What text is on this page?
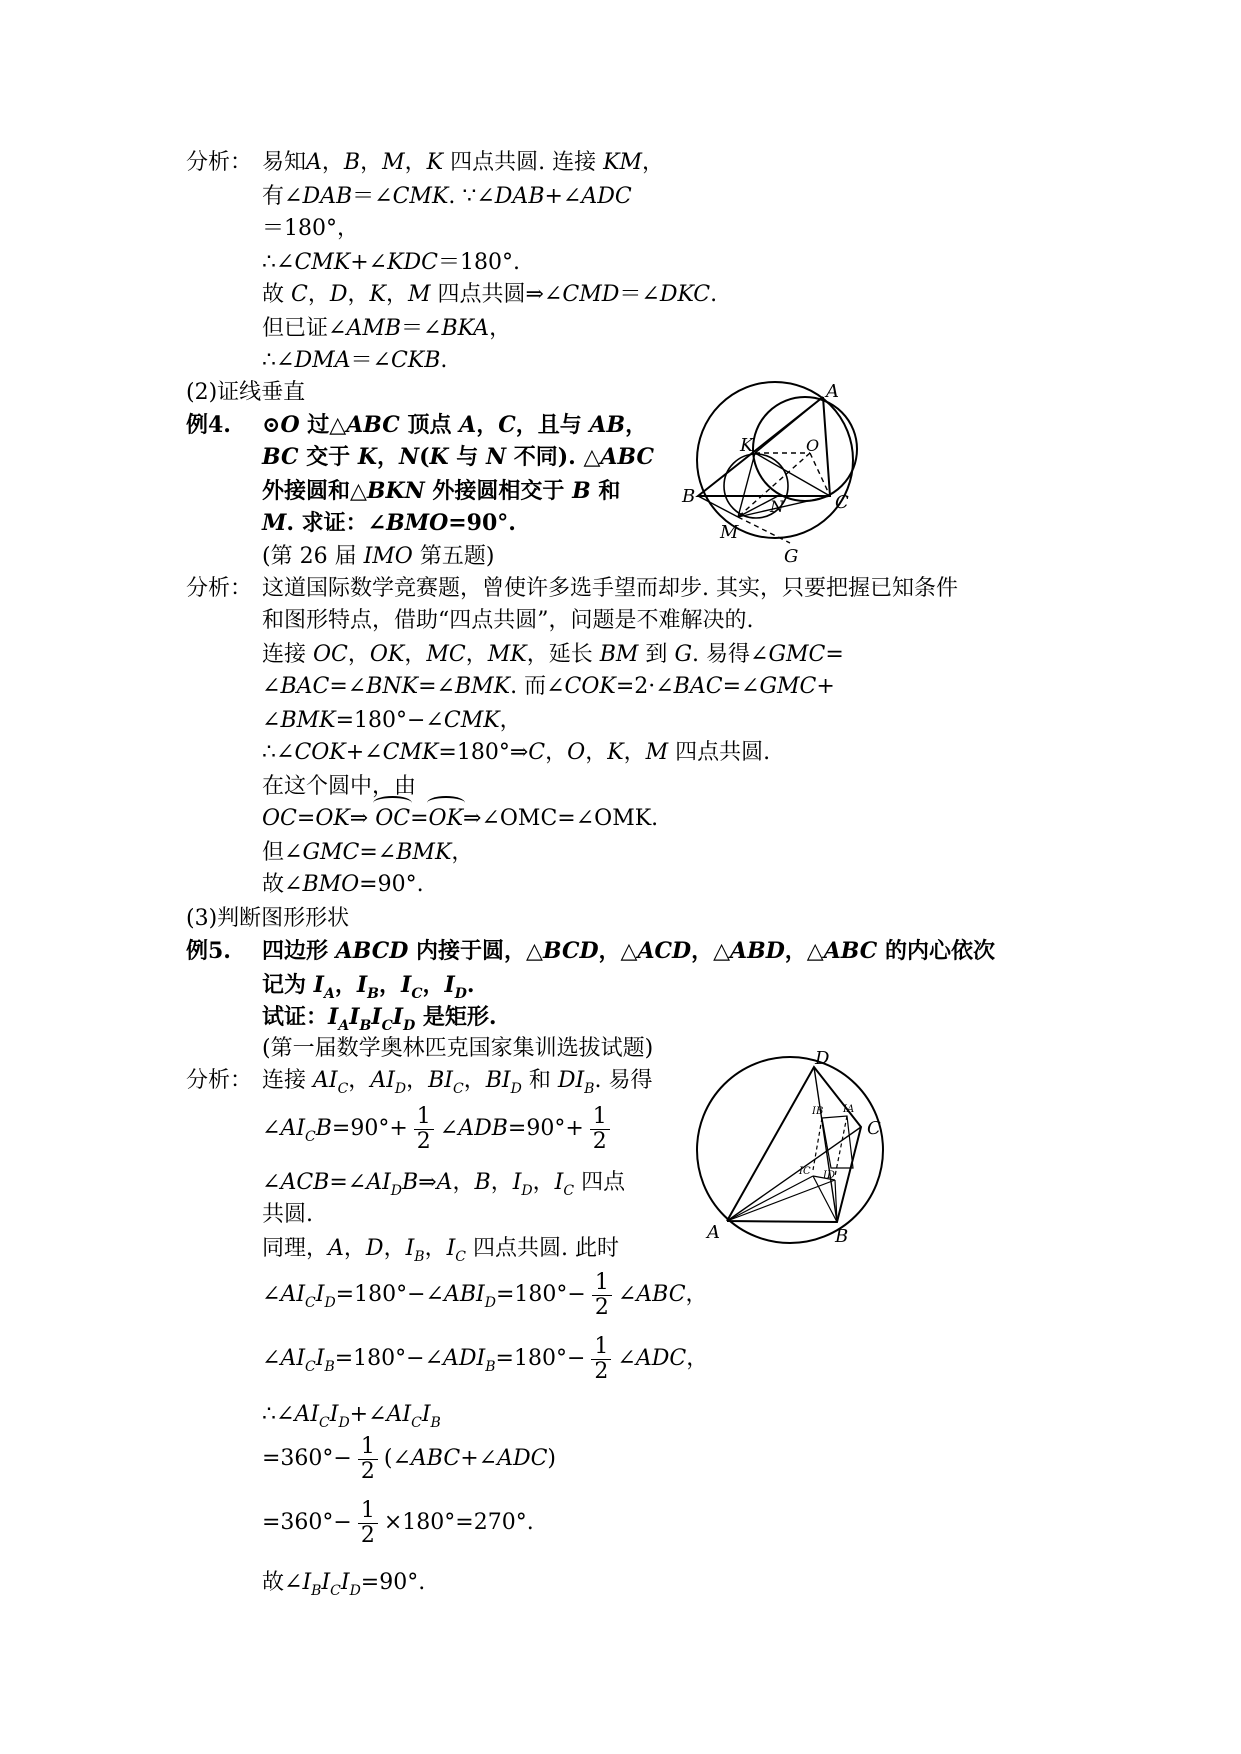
分析： 易知A，B，M，K 四点共圆. 连接 KM，
有∠DAB＝∠CMK. ∵∠DAB+∠ADC
＝180°，
∴∠CMK+∠KDC＝180°.
故 C，D，K，M 四点共圆⇒∠CMD＝∠DKC.
但已证∠AMB＝∠BKA，
∴∠DMA＝∠CKB.
(2)证线垂直
例4. ⊙O 过△ABC 顶点 A，C，且与 AB，
BC 交于 K，N(K 与 N 不同). △ABC
外接圆和△BKN 外接圆相交于 B 和
M. 求证：∠BMO=90°.
(第 26 届 IMO 第五题)
A
K	O
B	N	C
M
G
分析： 这道国际数学竞赛题，曾使许多选手望而却步. 其实，只要把握已知条件
和图形特点，借助“四点共圆”，问题是不难解决的.
连接 OC，OK，MC，MK，延长 BM 到 G. 易得∠GMC=
∠BAC=∠BNK=∠BMK. 而∠COK=2·∠BAC=∠GMC+
∠BMK=180°−∠CMK，
∴∠COK+∠CMK=180°⇒C，O，K，M 四点共圆.
在这个圆中，由
OC=OK⇒ OC=OK⇒∠OMC=∠OMK.
但∠GMC=∠BMK，
故∠BMO=90°.
(3)判断图形形状
例5. 四边形 ABCD 内接于圆，△BCD，△ACD，△ABD，△ABC 的内心依次
记为 $I_A$，$I_B$，$I_C$，$I_D$.
试证：$I_AI_BI_CI_D$ 是矩形.
(第一届数学奥林匹克国家集训选拔试题)	D
C
A	B
IB IA
IC ID
分析： 连接 $AI_C$，$AI_D$，$BI_C$，$BI_D$ 和 $DI_B$. 易得
$\angle AI_CB=90^\circ+ \frac{1}{2}$ ∠ADB=90°+ $\frac{1}{2}$
$\angle ACB=\angle AI_DB\Rightarrow A$，B，$I_D$，$I_C$ 四点
共圆.
同理，A，D，$I_B$，$I_C$ 四点共圆. 此时
$\angle AI_CI_D=180^\circ-\angle ABI_D=180^\circ- \frac{1}{2}$ ∠ABC，
$\angle AI_CI_B=180^\circ-\angle ADI_B=180^\circ- \frac{1}{2}$ ∠ADC，
$\therefore\angle AI_CI_D+\angle AI_CI_B$
$=360^\circ- \frac{1}{2}$ (∠ABC+∠ADC)
$=360^\circ- \frac{1}{2} \times 180^\circ=270^\circ$.
故$\angle I_BI_CI_D=90^\circ$.
